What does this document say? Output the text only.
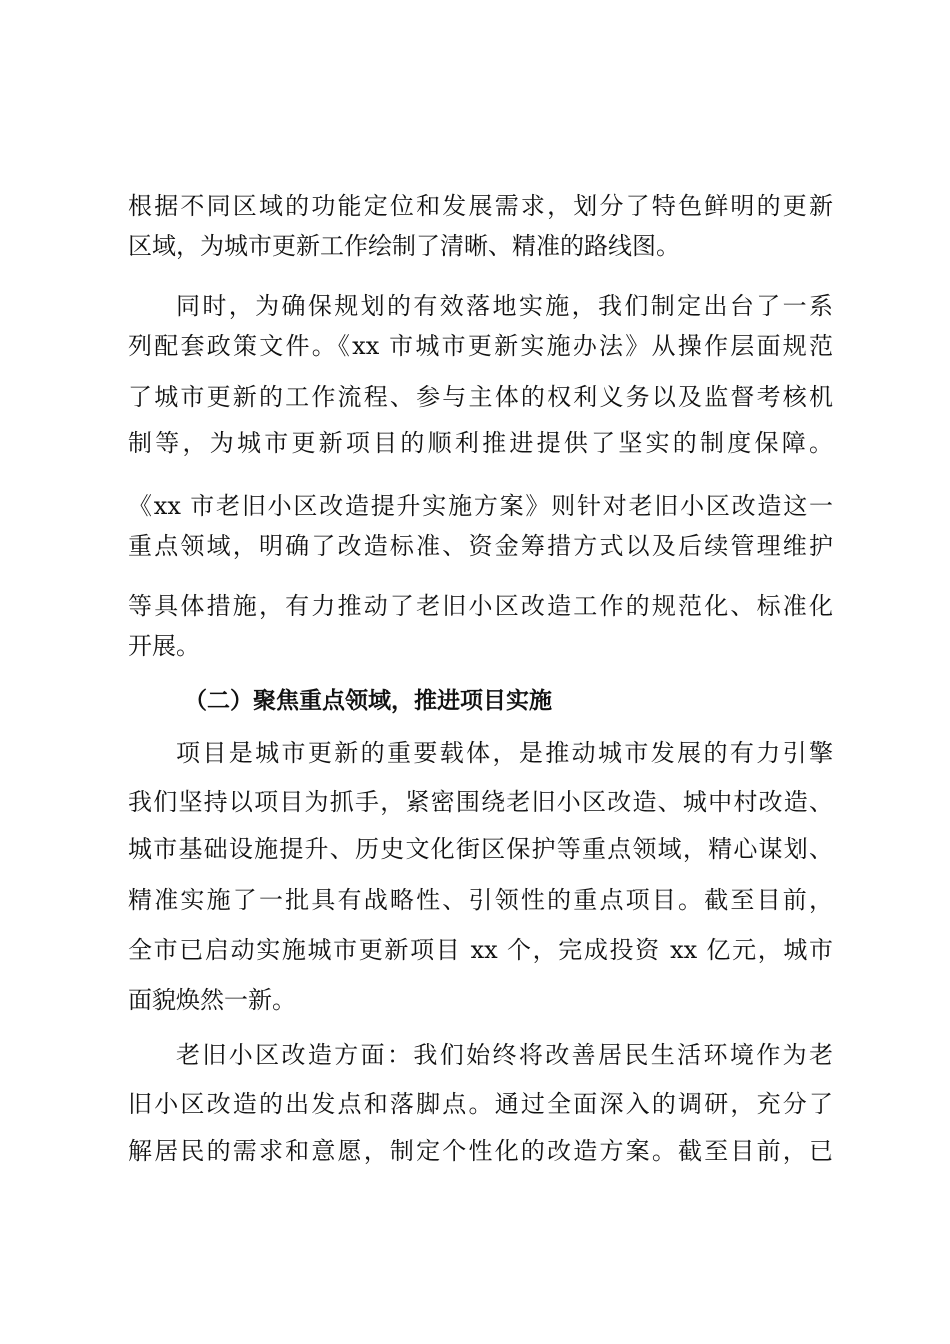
根据不同区域的功能定位和发展需求，划分了特色鲜明的更新
区域，为城市更新工作绘制了清晰、精准的路线图。
同时，为确保规划的有效落地实施，我们制定出台了一系
列配套政策文件。《xx 市城市更新实施办法》从操作层面规范
了城市更新的工作流程、参与主体的权利义务以及监督考核机
制等，为城市更新项目的顺利推进提供了坚实的制度保障。
《xx 市老旧小区改造提升实施方案》则针对老旧小区改造这一
重点领域，明确了改造标准、资金筹措方式以及后续管理维护
等具体措施，有力推动了老旧小区改造工作的规范化、标准化
开展。
（二）聚焦重点领域，推进项目实施
项目是城市更新的重要载体，是推动城市发展的有力引擎
我们坚持以项目为抓手，紧密围绕老旧小区改造、城中村改造、
城市基础设施提升、历史文化街区保护等重点领域，精心谋划、
精准实施了一批具有战略性、引领性的重点项目。截至目前，
全市已启动实施城市更新项目 xx 个，完成投资 xx 亿元，城市
面貌焕然一新。
老旧小区改造方面：我们始终将改善居民生活环境作为老
旧小区改造的出发点和落脚点。通过全面深入的调研，充分了
解居民的需求和意愿，制定个性化的改造方案。截至目前，已
